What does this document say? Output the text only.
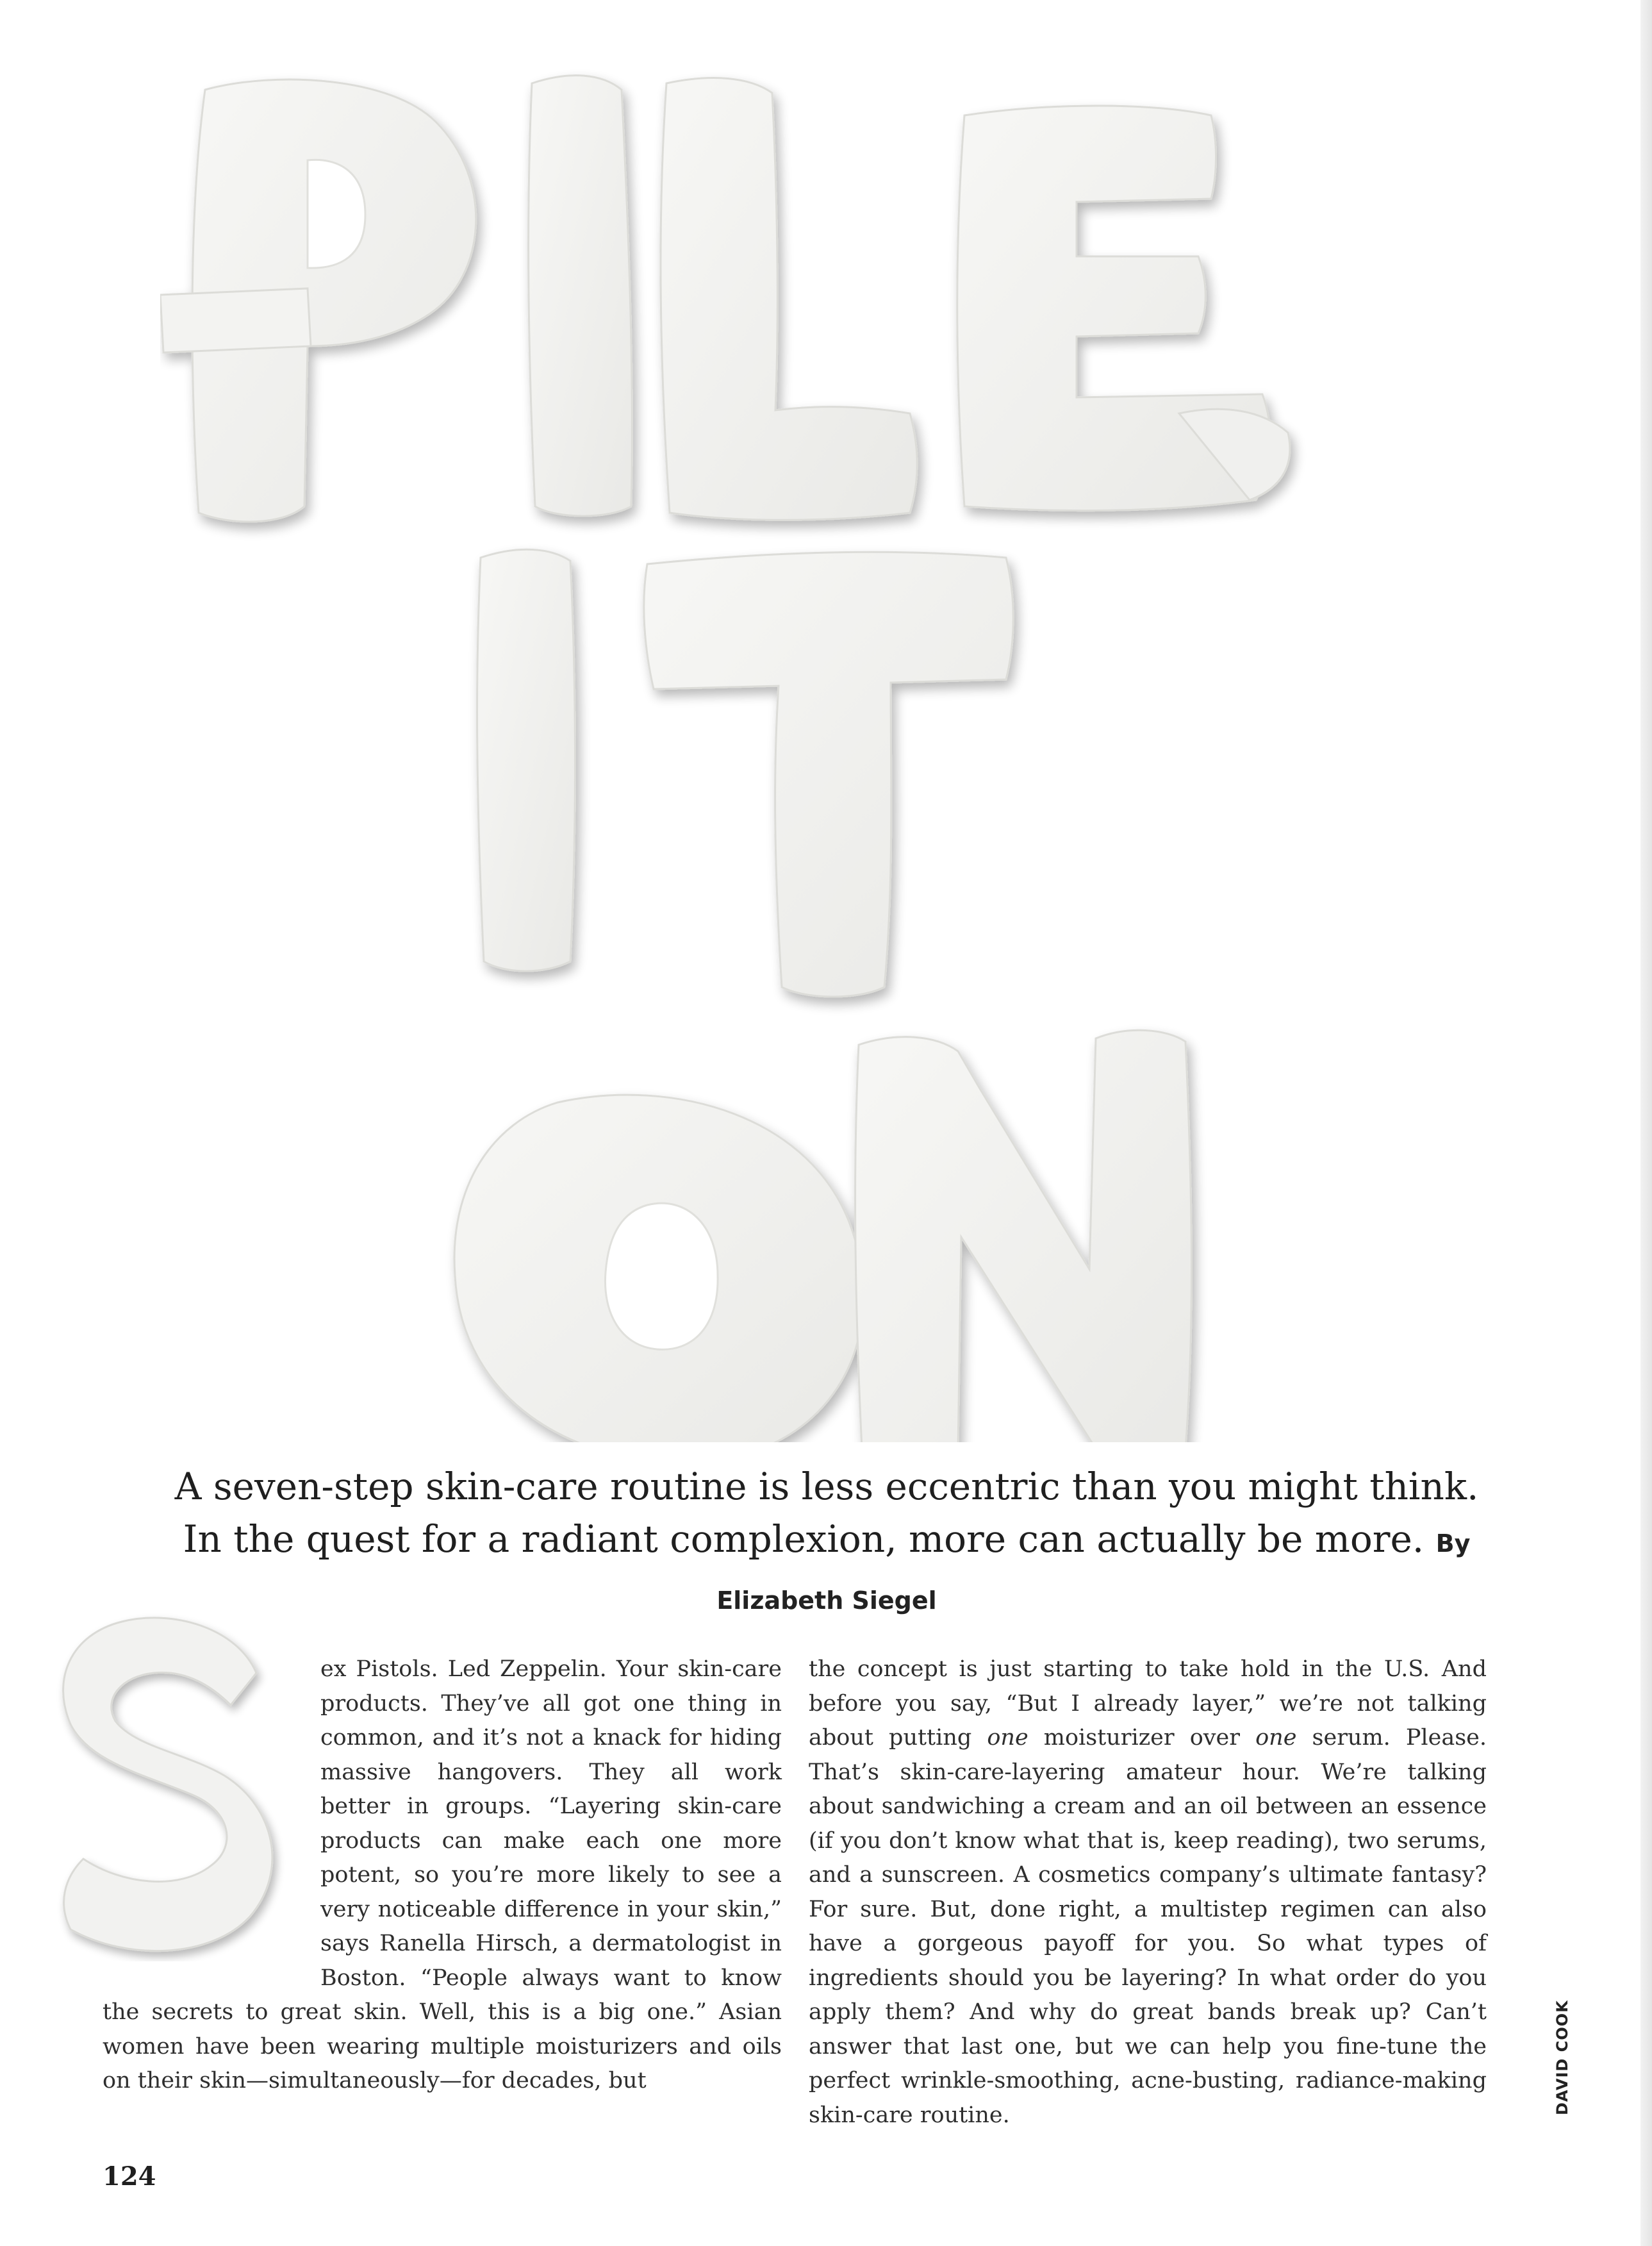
A seven-step skin-care routine is less eccentric than you might think. In the quest for a radiant complexion, more can actually be more. By Elizabeth Siegel

ex Pistols. Led Zeppelin. Your skin-care products. They’ve all got one thing in common, and it’s not a knack for hiding massive hangovers. They all work better in groups. “Layering skin-care products can make each one more potent, so you’re more likely to see a very noticeable difference in your skin,” says Ranella Hirsch, a dermatologist in Boston. “People always want to know the secrets to great skin. Well, this is a big one.” Asian women have been wearing multiple moisturizers and oils on their skin—simultaneously—for decades, but

the concept is just starting to take hold in the U.S. And before you say, “But I already layer,” we’re not talking about putting one moisturizer over one serum. Please. That’s skin-care-layering amateur hour. We’re talking about sandwiching a cream and an oil between an essence (if you don’t know what that is, keep reading), two serums, and a sunscreen. A cosmetics company’s ultimate fantasy? For sure. But, done right, a multistep regimen can also have a gorgeous payoff for you. So what types of ingredients should you be layering? In what order do you apply them? And why do great bands break up? Can’t answer that last one, but we can help you fine-tune the perfect wrinkle-smoothing, acne-busting, radiance-making skin-care routine.	DAVID COOK
124
